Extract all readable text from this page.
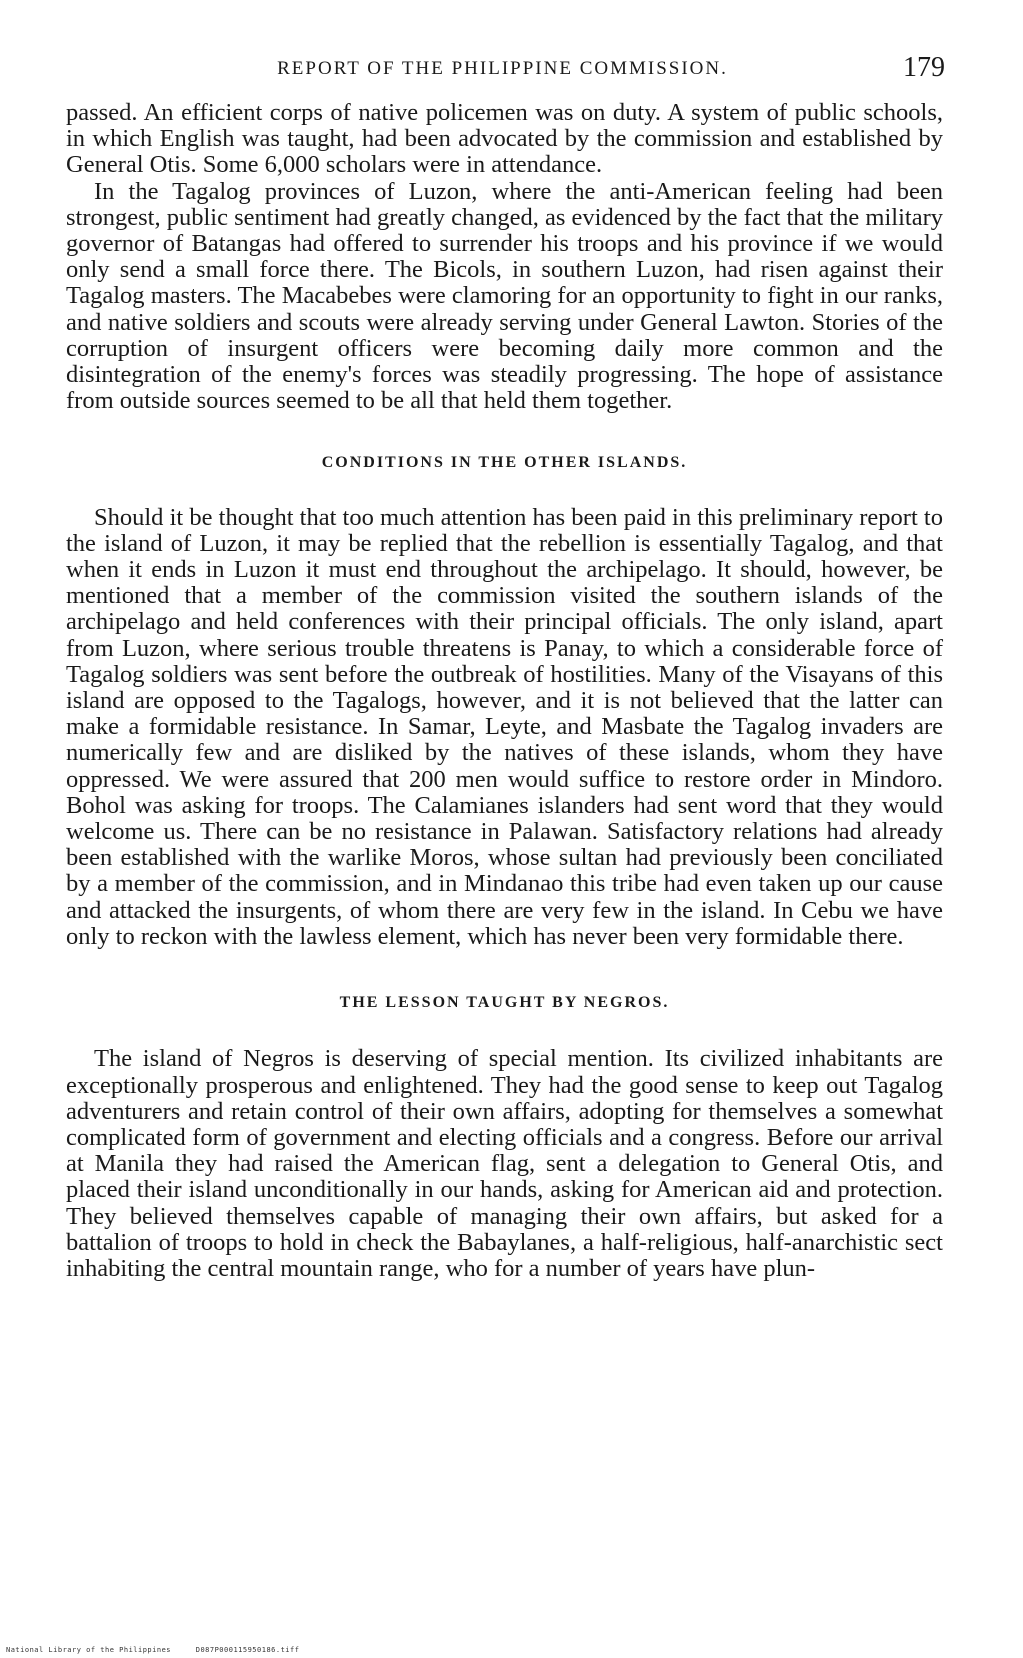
REPORT OF THE PHILIPPINE COMMISSION.	179

passed. An efficient corps of native policemen was on duty. A system of public schools, in which English was taught, had been advocated by the commission and established by General Otis. Some 6,000 scholars were in attendance.

In the Tagalog provinces of Luzon, where the anti-American feeling had been strongest, public sentiment had greatly changed, as evidenced by the fact that the military governor of Batangas had offered to surrender his troops and his province if we would only send a small force there. The Bicols, in southern Luzon, had risen against their Tagalog masters. The Macabebes were clamoring for an opportunity to fight in our ranks, and native soldiers and scouts were already serving under General Lawton. Stories of the corruption of insurgent officers were becoming daily more common and the disintegration of the enemy's forces was steadily progressing. The hope of assistance from outside sources seemed to be all that held them together.

CONDITIONS IN THE OTHER ISLANDS.

Should it be thought that too much attention has been paid in this preliminary report to the island of Luzon, it may be replied that the rebellion is essentially Tagalog, and that when it ends in Luzon it must end throughout the archipelago. It should, however, be mentioned that a member of the commission visited the southern islands of the archipelago and held conferences with their principal officials. The only island, apart from Luzon, where serious trouble threatens is Panay, to which a considerable force of Tagalog soldiers was sent before the outbreak of hostilities. Many of the Visayans of this island are opposed to the Tagalogs, however, and it is not believed that the latter can make a formidable resistance. In Samar, Leyte, and Masbate the Tagalog invaders are numerically few and are disliked by the natives of these islands, whom they have oppressed. We were assured that 200 men would suffice to restore order in Mindoro. Bohol was asking for troops. The Calamianes islanders had sent word that they would welcome us. There can be no resistance in Palawan. Satisfactory relations had already been established with the warlike Moros, whose sultan had previously been conciliated by a member of the commission, and in Mindanao this tribe had even taken up our cause and attacked the insurgents, of whom there are very few in the island. In Cebu we have only to reckon with the lawless element, which has never been very formidable there.

THE LESSON TAUGHT BY NEGROS.

The island of Negros is deserving of special mention. Its civilized inhabitants are exceptionally prosperous and enlightened. They had the good sense to keep out Tagalog adventurers and retain control of their own affairs, adopting for themselves a somewhat complicated form of government and electing officials and a congress. Before our arrival at Manila they had raised the American flag, sent a delegation to General Otis, and placed their island unconditionally in our hands, asking for American aid and protection. They believed themselves capable of managing their own affairs, but asked for a battalion of troops to hold in check the Babaylanes, a half-religious, half-anarchistic sect inhabiting the central mountain range, who for a number of years have plun-

National Library of the Philippines	D087P000115950186.tiff
